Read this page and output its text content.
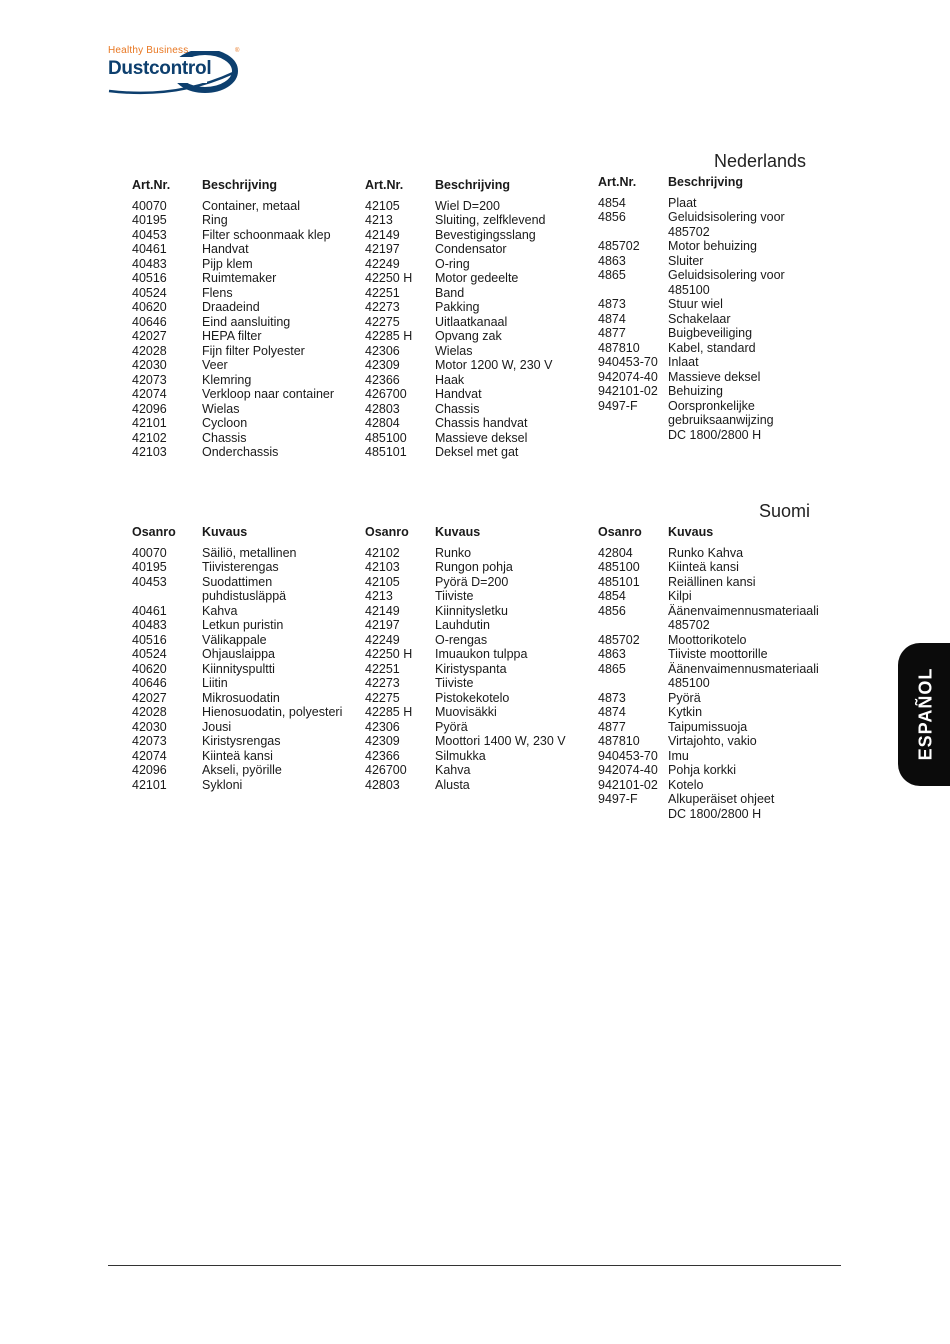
Healthy Business
Dustcontrol
®
Nederlands
Suomi
Art.Nr.	Beschrijving
40070	Container, metaal
40195	Ring
40453	Filter schoonmaak klep
40461	Handvat
40483	Pijp klem
40516	Ruimtemaker
40524	Flens
40620	Draadeind
40646	Eind aansluiting
42027	HEPA filter
42028	Fijn filter Polyester
42030	Veer
42073	Klemring
42074	Verkloop naar container
42096	Wielas
42101	Cycloon
42102	Chassis
42103	Onderchassis
Art.Nr.	Beschrijving
42105	Wiel D=200
4213	Sluiting, zelfklevend
42149	Bevestigingsslang
42197	Condensator
42249	O-ring
42250 H	Motor gedeelte
42251	Band
42273	Pakking
42275	Uitlaatkanaal
42285 H	Opvang zak
42306	Wielas
42309	Motor 1200 W, 230 V
42366	Haak
426700	Handvat
42803	Chassis
42804	Chassis handvat
485100	Massieve deksel
485101	Deksel met gat
Art.Nr.	Beschrijving
4854	Plaat
4856	Geluidsisolering voor
485702
485702	Motor behuizing
4863	Sluiter
4865	Geluidsisolering voor
485100
4873	Stuur wiel
4874	Schakelaar
4877	Buigbeveiliging
487810	Kabel, standard
940453-70 Inlaat
942074-40 Massieve deksel
942101-02 Behuizing
9497-F	Oorspronkelijke
gebruiksaanwijzing
DC 1800/2800 H
Osanro	Kuvaus
40070	Säiliö, metallinen
40195	Tiivisterengas
40453	Suodattimen
puhdistusläppä
40461	Kahva
40483	Letkun puristin
40516	Välikappale
40524	Ohjauslaippa
40620	Kiinnityspultti
40646	Liitin
42027	Mikrosuodatin
42028	Hienosuodatin, polyesteri
42030	Jousi
42073	Kiristysrengas
42074	Kiinteä kansi
42096	Akseli, pyörille
42101	Sykloni
Osanro	Kuvaus
42102	Runko
42103	Rungon pohja
42105	Pyörä D=200
4213	Tiiviste
42149	Kiinnitysletku
42197	Lauhdutin
42249	O-rengas
42250 H	Imuaukon tulppa
42251	Kiristyspanta
42273	Tiiviste
42275	Pistokekotelo
42285 H	Muovisäkki
42306	Pyörä
42309	Moottori 1400 W, 230 V
42366	Silmukka
426700	Kahva
42803	Alusta
Osanro	Kuvaus
42804	Runko Kahva
485100	Kiinteä kansi
485101	Reiällinen kansi
4854	Kilpi
4856	Äänenvaimennusmateriaali
485702
485702	Moottorikotelo
4863	Tiiviste moottorille
4865	Äänenvaimennusmateriaali
485100
4873	Pyörä
4874	Kytkin
4877	Taipumissuoja
487810	Virtajohto, vakio
940453-70 Imu
942074-40 Pohja korkki
942101-02 Kotelo
9497-F	Alkuperäiset ohjeet
DC 1800/2800 H
ESPAÑOL
